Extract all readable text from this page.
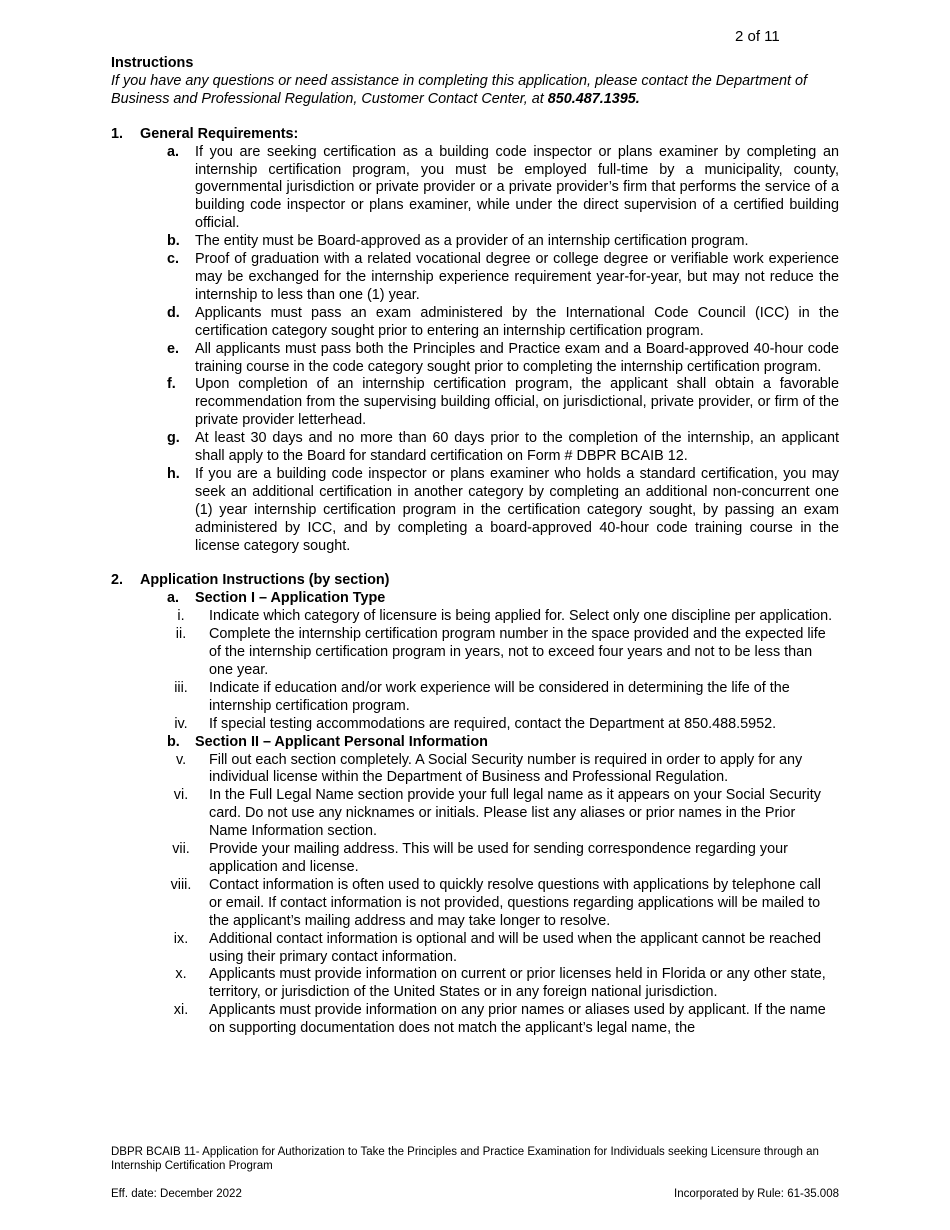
2 of 11
Instructions
If you have any questions or need assistance in completing this application, please contact the Department of Business and Professional Regulation, Customer Contact Center, at 850.487.1395.
1.	General Requirements:
a.	If you are seeking certification as a building code inspector or plans examiner by completing an internship certification program, you must be employed full-time by a municipality, county, governmental jurisdiction or private provider or a private provider’s firm that performs the service of a building code inspector or plans examiner, while under the direct supervision of a certified building official.
b.	The entity must be Board-approved as a provider of an internship certification program.
c.	Proof of graduation with a related vocational degree or college degree or verifiable work experience may be exchanged for the internship experience requirement year-for-year, but may not reduce the internship to less than one (1) year.
d.	Applicants must pass an exam administered by the International Code Council (ICC) in the certification category sought prior to entering an internship certification program.
e.	All applicants must pass both the Principles and Practice exam and a Board-approved 40-hour code training course in the code category sought prior to completing the internship certification program.
f.	Upon completion of an internship certification program, the applicant shall obtain a favorable recommendation from the supervising building official, on jurisdictional, private provider, or firm of the private provider letterhead.
g.	At least 30 days and no more than 60 days prior to the completion of the internship, an applicant shall apply to the Board for standard certification on Form # DBPR BCAIB 12.
h.	If you are a building code inspector or plans examiner who holds a standard certification, you may seek an additional certification in another category by completing an additional non-concurrent one (1) year internship certification program in the certification category sought, by passing an exam administered by ICC, and by completing a board-approved 40-hour code training course in the license category sought.
2.	Application Instructions (by section)
a.	Section I – Application Type
i.	Indicate which category of licensure is being applied for. Select only one discipline per application.
ii.	Complete the internship certification program number in the space provided and the expected life of the internship certification program in years, not to exceed four years and not to be less than one year.
iii.	Indicate if education and/or work experience will be considered in determining the life of the internship certification program.
iv.	If special testing accommodations are required, contact the Department at 850.488.5952.
b.	Section II – Applicant Personal Information
v.	Fill out each section completely. A Social Security number is required in order to apply for any individual license within the Department of Business and Professional Regulation.
vi.	In the Full Legal Name section provide your full legal name as it appears on your Social Security card. Do not use any nicknames or initials. Please list any aliases or prior names in the Prior Name Information section.
vii.	Provide your mailing address. This will be used for sending correspondence regarding your application and license.
viii.	Contact information is often used to quickly resolve questions with applications by telephone call or email. If contact information is not provided, questions regarding applications will be mailed to the applicant’s mailing address and may take longer to resolve.
ix.	Additional contact information is optional and will be used when the applicant cannot be reached using their primary contact information.
x.	Applicants must provide information on current or prior licenses held in Florida or any other state, territory, or jurisdiction of the United States or in any foreign national jurisdiction.
xi.	Applicants must provide information on any prior names or aliases used by applicant. If the name on supporting documentation does not match the applicant’s legal name, the
DBPR BCAIB 11- Application for Authorization to Take the Principles and Practice Examination for Individuals seeking Licensure through an Internship Certification Program
Eff. date: December 2022	Incorporated by Rule: 61-35.008
